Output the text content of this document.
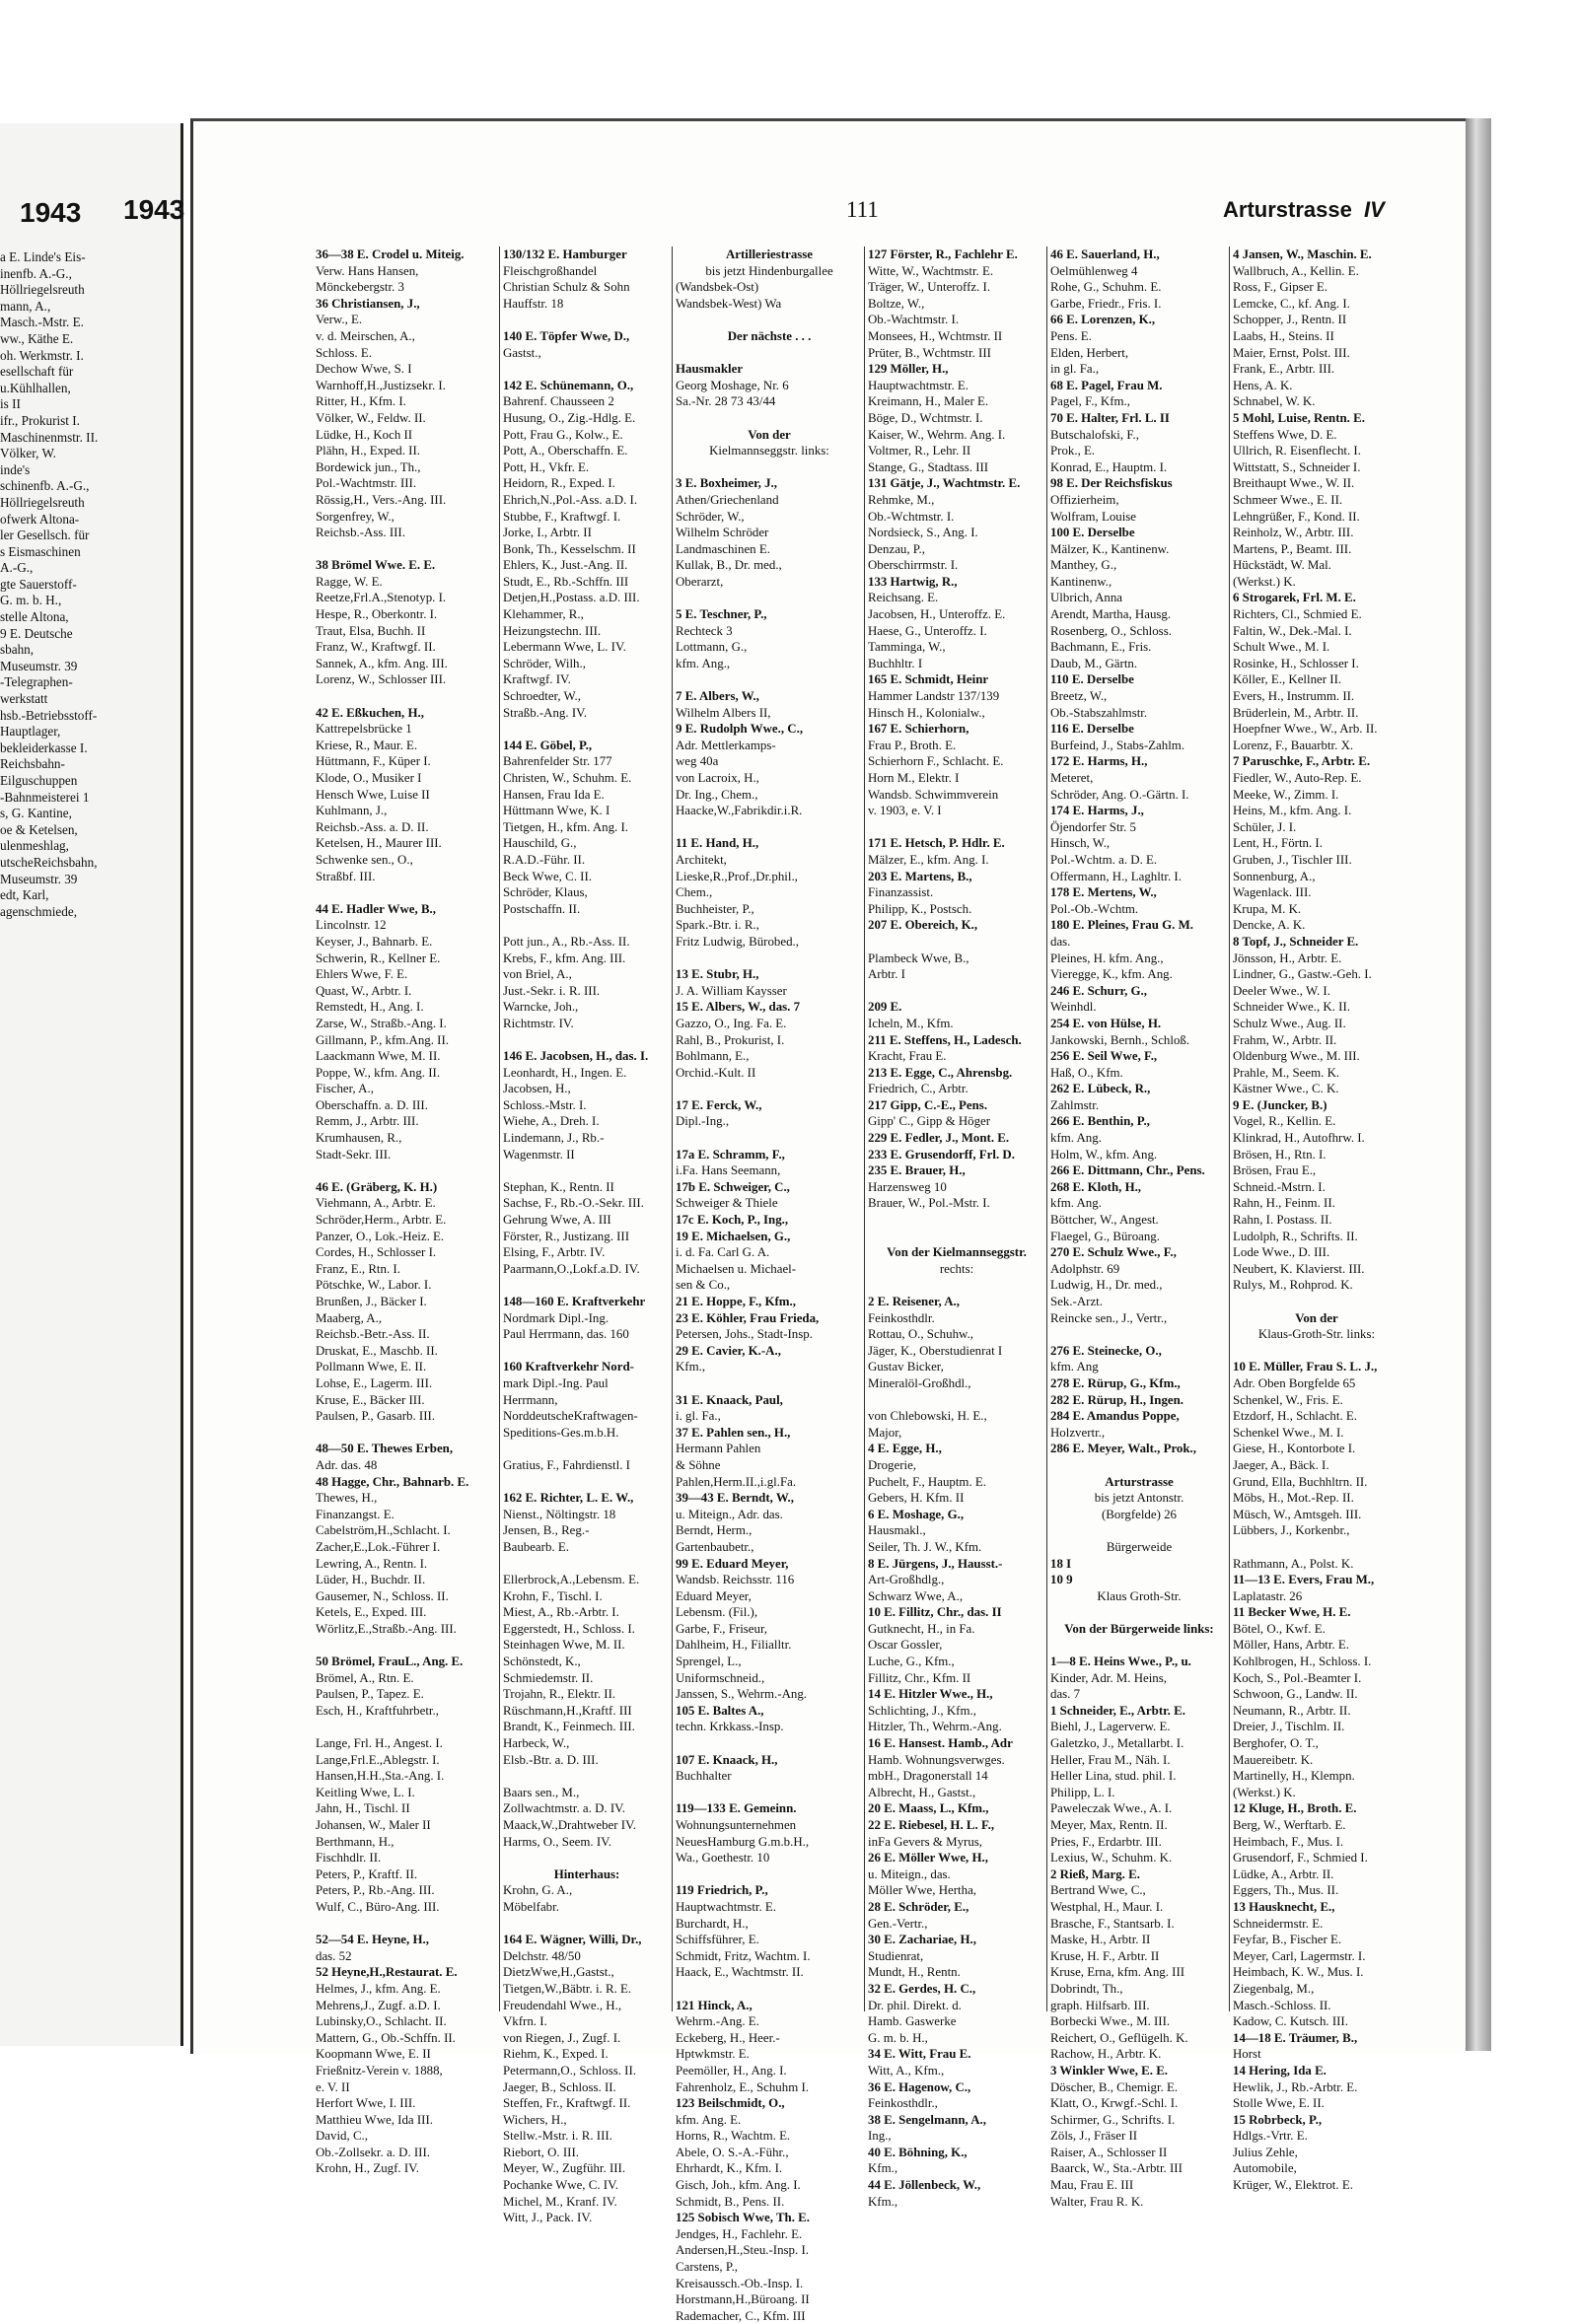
1943
a E. Linde's Eis-
inenfb. A.-G.,
Höllriegelsreuth
mann, A.,
Masch.-Mstr. E.
ww., Käthe E.
oh. Werkmstr. I.
esellschaft für
u.Kühlhallen,
is II
ifr., Prokurist I.
Maschinenmstr. II.
Völker, W.
inde's
schinenfb. A.-G.,
Höllriegelsreuth
ofwerk Altona-
ler Gesellsch. für
s Eismaschinen
A.-G.,
gte Sauerstoff-
G. m. b. H.,
stelle Altona,
9 E. Deutsche
sbahn,
Museumstr. 39
-Telegraphen-
werkstatt
hsb.-Betriebsstoff-
Hauptlager,
bekleiderkasse I.
Reichsbahn-
Eilguschuppen
-Bahnmeisterei 1
s, G. Kantine,
oe & Ketelsen,
ulenmeshlag,
utscheReichsbahn,
Museumstr. 39
edt, Karl,
agenschmiede,
1943	111	Arturstrasse IV
36—38 E. Crodel u. Miteig.
Verw. Hans Hansen,
Mönckebergstr. 3
36 Christiansen, J.,
Verw., E.
v. d. Meirschen, A.,
Schloss. E.
Dechow Wwe, S. I
Warnhoff,H.,Justizsekr. I.
Ritter, H., Kfm. I.
Völker, W., Feldw. II.
Lüdke, H., Koch II
Plähn, H., Exped. II.
Bordewick jun., Th.,
Pol.-Wachtmstr. III.
Rössig,H., Vers.-Ang. III.
Sorgenfrey, W.,
Reichsb.-Ass. III.
38 Brömel Wwe. E. E.
Ragge, W. E.
Reetze,Frl.A.,Stenotyp. I.
Hespe, R., Oberkontr. I.
Traut, Elsa, Buchh. II
Franz, W., Kraftwgf. II.
Sannek, A., kfm. Ang. III.
Lorenz, W., Schlosser III.
42 E. Eßkuchen, H.,
Kattrepelsbrücke 1
Kriese, R., Maur. E.
Hüttmann, F., Küper I.
Klode, O., Musiker I
Hensch Wwe, Luise II
Kuhlmann, J.,
Reichsb.-Ass. a. D. II.
Ketelsen, H., Maurer III.
Schwenke sen., O.,
Straßbf. III.
44 E. Hadler Wwe, B.,
Lincolnstr. 12
Keyser, J., Bahnarb. E.
Schwerin, R., Kellner E.
Ehlers Wwe, F. E.
Quast, W., Arbtr. I.
Remstedt, H., Ang. I.
Zarse, W., Straßb.-Ang. I.
Gillmann, P., kfm.Ang. II.
Laackmann Wwe, M. II.
Poppe, W., kfm. Ang. II.
Fischer, A.,
Oberschaffn. a. D. III.
Remm, J., Arbtr. III.
Krumhausen, R.,
Stadt-Sekr. III.
46 E. (Gräberg, K. H.)
Viehmann, A., Arbtr. E.
Schröder,Herm., Arbtr. E.
Panzer, O., Lok.-Heiz. E.
Cordes, H., Schlosser I.
Franz, E., Rtn. I.
Pötschke, W., Labor. I.
Brunßen, J., Bäcker I.
Maaberg, A.,
Reichsb.-Betr.-Ass. II.
Druskat, E., Maschb. II.
Pollmann Wwe, E. II.
Lohse, E., Lagerm. III.
Kruse, E., Bäcker III.
Paulsen, P., Gasarb. III.
48—50 E. Thewes Erben,
Adr. das. 48
48 Hagge, Chr., Bahnarb. E.
Thewes, H.,
Finanzangst. E.
Cabelström,H.,Schlacht. I.
Zacher,E.,Lok.-Führer I.
Lewring, A., Rentn. I.
Lüder, H., Buchdr. II.
Gausemer, N., Schloss. II.
Ketels, E., Exped. III.
Wörlitz,E.,Straßb.-Ang. III.
50 Brömel, FrauL., Ang. E.
Brömel, A., Rtn. E.
Paulsen, P., Tapez. E.
Esch, H., Kraftfuhrbetr.,
Lange, Frl. H., Angest. I.
Lange,Frl.E.,Ablegstr. I.
Hansen,H.H.,Sta.-Ang. I.
Keitling Wwe, L. I.
Jahn, H., Tischl. II
Johansen, W., Maler II
Berthmann, H.,
Fischhdlr. II.
Peters, P., Kraftf. II.
Peters, P., Rb.-Ang. III.
Wulf, C., Büro-Ang. III.
52—54 E. Heyne, H.,
das. 52
52 Heyne,H.,Restaurat. E.
Helmes, J., kfm. Ang. E.
Mehrens,J., Zugf. a.D. I.
Lubinsky,O., Schlacht. II.
Mattern, G., Ob.-Schffn. II.
Koopmann Wwe, E. II
Frießnitz-Verein v. 1888,
e. V. II
Herfort Wwe, I. III.
Matthieu Wwe, Ida III.
David, C.,
Ob.-Zollsekr. a. D. III.
Krohn, H., Zugf. IV.
130/132 E. Hamburger
Fleischgroßhandel
Christian Schulz & Sohn
Hauffstr. 18
140 E. Töpfer Wwe, D.,
Gastst.,
142 E. Schünemann, O.,
Bahrenf. Chausseen 2
Husung, O., Zig.-Hdlg. E.
Pott, Frau G., Kolw., E.
Pott, A., Oberschaffn. E.
Pott, H., Vkfr. E.
Heidorn, R., Exped. I.
Ehrich,N.,Pol.-Ass. a.D. I.
Stubbe, F., Kraftwgf. I.
Jorke, I., Arbtr. II
Bonk, Th., Kesselschm. II
Ehlers, K., Just.-Ang. II.
Studt, E., Rb.-Schffn. III
Detjen,H.,Postass. a.D. III.
Klehammer, R.,
Heizungstechn. III.
Lebermann Wwe, L. IV.
Schröder, Wilh.,
Kraftwgf. IV.
Schroedter, W.,
Straßb.-Ang. IV.
144 E. Göbel, P.,
Bahrenfelder Str. 177
Christen, W., Schuhm. E.
Hansen, Frau Ida E.
Hüttmann Wwe, K. I
Tietgen, H., kfm. Ang. I.
Hauschild, G.,
R.A.D.-Führ. II.
Beck Wwe, C. II.
Schröder, Klaus,
Postschaffn. II.
Pott jun., A., Rb.-Ass. II.
Krebs, F., kfm. Ang. III.
von Briel, A.,
Just.-Sekr. i. R. III.
Warncke, Joh.,
Richtmstr. IV.
146 E. Jacobsen, H., das. I.
Leonhardt, H., Ingen. E.
Jacobsen, H.,
Schloss.-Mstr. I.
Wiehe, A., Dreh. I.
Lindemann, J., Rb.-
Wagenmstr. II
Stephan, K., Rentn. II
Sachse, F., Rb.-O.-Sekr. III.
Gehrung Wwe, A. III
Förster, R., Justizang. III
Elsing, F., Arbtr. IV.
Paarmann,O.,Lokf.a.D. IV.
148—160 E. Kraftverkehr
Nordmark Dipl.-Ing.
Paul Herrmann, das. 160
160 Kraftverkehr Nord-
mark Dipl.-Ing. Paul
Herrmann,
NorddeutscheKraftwagen-
Speditions-Ges.m.b.H.
Gratius, F., Fahrdienstl. I
162 E. Richter, L. E. W.,
Nienst., Nöltingstr. 18
Jensen, B., Reg.-
Baubearb. E.
Ellerbrock,A.,Lebensm. E.
Krohn, F., Tischl. I.
Miest, A., Rb.-Arbtr. I.
Eggerstedt, H., Schloss. I.
Steinhagen Wwe, M. II.
Schönstedt, K.,
Schmiedemstr. II.
Trojahn, R., Elektr. II.
Rüschmann,H.,Kraftf. III
Brandt, K., Feinmech. III.
Harbeck, W.,
Elsb.-Btr. a. D. III.
Baars sen., M.,
Zollwachtmstr. a. D. IV.
Maack,W.,Drahtweber IV.
Harms, O., Seem. IV.
Hinterhaus:
Krohn, G. A.,
Möbelfabr.
164 E. Wägner, Willi, Dr.,
Delchstr. 48/50
DietzWwe,H.,Gastst.,
Tietgen,W.,Bäbtr. i. R. E.
Freudendahl Wwe., H.,
Vkfrn. I.
von Riegen, J., Zugf. I.
Riehm, K., Exped. I.
Petermann,O., Schloss. II.
Jaeger, B., Schloss. II.
Steffen, Fr., Kraftwgf. II.
Wichers, H.,
Stellw.-Mstr. i. R. III.
Riebort, O. III.
Meyer, W., Zugführ. III.
Pochanke Wwe, C. IV.
Michel, M., Kranf. IV.
Witt, J., Pack. IV.
Artilleriestrasse
bis jetzt Hindenburgallee
(Wandsbek-Ost)
Wandsbek-West) Wa
Der nächste . . .
Hausmakler
Georg Moshage, Nr. 6
Sa.-Nr. 28 73 43/44
Von der
Kielmannseggstr. links:
3 E. Boxheimer, J.,
Athen/Griechenland
Schröder, W.,
Wilhelm Schröder
Landmaschinen E.
Kullak, B., Dr. med.,
Oberarzt,
5 E. Teschner, P.,
Rechteck 3
Lottmann, G.,
kfm. Ang.,
7 E. Albers, W.,
Wilhelm Albers II,
9 E. Rudolph Wwe., C.,
Adr. Mettlerkamps-
weg 40a
von Lacroix, H.,
Dr. Ing., Chem.,
Haacke,W.,Fabrikdir.i.R.
11 E. Hand, H.,
Architekt,
Lieske,R.,Prof.,Dr.phil.,
Chem.,
Buchheister, P.,
Spark.-Btr. i. R.,
Fritz Ludwig, Bürobed.,
13 E. Stubr, H.,
J. A. William Kaysser
15 E. Albers, W., das. 7
Gazzo, O., Ing. Fa. E.
Rahl, B., Prokurist, I.
Bohlmann, E.,
Orchid.-Kult. II
17 E. Ferck, W.,
Dipl.-Ing.,
17a E. Schramm, F.,
i.Fa. Hans Seemann,
17b E. Schweiger, C.,
Schweiger & Thiele
17c E. Koch, P., Ing.,
19 E. Michaelsen, G.,
i. d. Fa. Carl G. A.
Michaelsen u. Michael-
sen & Co.,
21 E. Hoppe, F., Kfm.,
23 E. Köhler, Frau Frieda,
Petersen, Johs., Stadt-Insp.
29 E. Cavier, K.-A.,
Kfm.,
31 E. Knaack, Paul,
i. gl. Fa.,
37 E. Pahlen sen., H.,
Hermann Pahlen
& Söhne
Pahlen,Herm.II.,i.gl.Fa.
39—43 E. Berndt, W.,
u. Miteign., Adr. das.
Berndt, Herm.,
Gartenbaubetr.,
99 E. Eduard Meyer,
Wandsb. Reichsstr. 116
Eduard Meyer,
Lebensm. (Fil.),
Garbe, F., Friseur,
Dahlheim, H., Filialltr.
Sprengel, L.,
Uniformschneid.,
Janssen, S., Wehrm.-Ang.
105 E. Baltes A.,
techn. Krkkass.-Insp.
107 E. Knaack, H.,
Buchhalter
119—133 E. Gemeinn.
Wohnungsunternehmen
NeuesHamburg G.m.b.H.,
Wa., Goethestr. 10
119 Friedrich, P.,
Hauptwachtmstr. E.
Burchardt, H.,
Schiffsführer, E.
Schmidt, Fritz, Wachtm. I.
Haack, E., Wachtmstr. II.
121 Hinck, A.,
Wehrm.-Ang. E.
Eckeberg, H., Heer.-
Hptwkmstr. E.
Peemöller, H., Ang. I.
Fahrenholz, E., Schuhm I.
123 Beilschmidt, O.,
kfm. Ang. E.
Horns, R., Wachtm. E.
Abele, O. S.-A.-Führ.,
Ehrhardt, K., Kfm. I.
Gisch, Joh., kfm. Ang. I.
Schmidt, B., Pens. II.
125 Sobisch Wwe, Th. E.
Jendges, H., Fachlehr. E.
Andersen,H.,Steu.-Insp. I.
Carstens, P.,
Kreisaussch.-Ob.-Insp. I.
Horstmann,H.,Büroang. II
Rademacher, C., Kfm. III
127 Förster, R., Fachlehr E.
Witte, W., Wachtmstr. E.
Träger, W., Unteroffz. I.
Boltze, W.,
Ob.-Wachtmstr. I.
Monsees, H., Wchtmstr. II
Prüter, B., Wchtmstr. III
129 Möller, H.,
Hauptwachtmstr. E.
Kreimann, H., Maler E.
Böge, D., Wchtmstr. I.
Kaiser, W., Wehrm. Ang. I.
Voltmer, R., Lehr. II
Stange, G., Stadtass. III
131 Gätje, J., Wachtmstr. E.
Rehmke, M.,
Ob.-Wchtmstr. I.
Nordsieck, S., Ang. I.
Denzau, P.,
Oberschirrmstr. I.
133 Hartwig, R.,
Reichsang. E.
Jacobsen, H., Unteroffz. E.
Haese, G., Unteroffz. I.
Tamminga, W.,
Buchhltr. I
165 E. Schmidt, Heinr
Hammer Landstr 137/139
Hinsch H., Kolonialw.,
167 E. Schierhorn,
Frau P., Broth. E.
Schierhorn F., Schlacht. E.
Horn M., Elektr. I
Wandsb. Schwimmverein
v. 1903, e. V. I
171 E. Hetsch, P. Hdlr. E.
Mälzer, E., kfm. Ang. I.
203 E. Martens, B.,
Finanzassist.
Philipp, K., Postsch.
207 E. Obereich, K.,
Plambeck Wwe, B.,
Arbtr. I
209 E.
Icheln, M., Kfm.
211 E. Steffens, H., Ladesch.
Kracht, Frau E.
213 E. Egge, C., Ahrensbg.
Friedrich, C., Arbtr.
217 Gipp, C.-E., Pens.
Gipp' C., Gipp & Höger
229 E. Fedler, J., Mont. E.
233 E. Grusendorff, Frl. D.
235 E. Brauer, H.,
Harzensweg 10
Brauer, W., Pol.-Mstr. I.
Von der Kielmannseggstr.
rechts:
2 E. Reisener, A.,
Feinkosthdlr.
Rottau, O., Schuhw.,
Jäger, K., Oberstudienrat I
Gustav Bicker,
Mineralöl-Großhdl.,
von Chlebowski, H. E.,
Major,
4 E. Egge, H.,
Drogerie,
Puchelt, F., Hauptm. E.
Gebers, H. Kfm. II
6 E. Moshage, G.,
Hausmakl.,
Seiler, Th. J. W., Kfm.
8 E. Jürgens, J., Hausst.-
Art-Großhdlg.,
Schwarz Wwe, A.,
10 E. Fillitz, Chr., das. II
Gutknecht, H., in Fa.
Oscar Gossler,
Luche, G., Kfm.,
Fillitz, Chr., Kfm. II
14 E. Hitzler Wwe., H.,
Schlichting, J., Kfm.,
Hitzler, Th., Wehrm.-Ang.
16 E. Hansest. Hamb., Adr
Hamb. Wohnungsverwges.
mbH., Dragonerstall 14
Albrecht, H., Gastst.,
20 E. Maass, L., Kfm.,
22 E. Riebesel, H. L. F.,
inFa Gevers & Myrus,
26 E. Möller Wwe, H.,
u. Miteign., das.
Möller Wwe, Hertha,
28 E. Schröder, E.,
Gen.-Vertr.,
30 E. Zachariae, H.,
Studienrat,
Mundt, H., Rentn.
32 E. Gerdes, H. C.,
Dr. phil. Direkt. d.
Hamb. Gaswerke
G. m. b. H.,
34 E. Witt, Frau E.
Witt, A., Kfm.,
36 E. Hagenow, C.,
Feinkosthdlr.,
38 E. Sengelmann, A.,
Ing.,
40 E. Böhning, K.,
Kfm.,
44 E. Jöllenbeck, W.,
Kfm.,
46 E. Sauerland, H.,
Oelmühlenweg 4
Rohe, G., Schuhm. E.
Garbe, Friedr., Fris. I.
66 E. Lorenzen, K.,
Pens. E.
Elden, Herbert,
in gl. Fa.,
68 E. Pagel, Frau M.
Pagel, F., Kfm.,
70 E. Halter, Frl. L. II
Butschalofski, F.,
Prok., E.
Konrad, E., Hauptm. I.
98 E. Der Reichsfiskus
Offizierheim,
Wolfram, Louise
100 E. Derselbe
Mälzer, K., Kantinenw.
Manthey, G.,
Kantinenw.,
Ulbrich, Anna
Arendt, Martha, Hausg.
Rosenberg, O., Schloss.
Bachmann, E., Fris.
Daub, M., Gärtn.
110 E. Derselbe
Breetz, W.,
Ob.-Stabszahlmstr.
116 E. Derselbe
Burfeind, J., Stabs-Zahlm.
172 E. Harms, H.,
Meteret,
Schröder, Ang. O.-Gärtn. I.
174 E. Harms, J.,
Öjendorfer Str. 5
Hinsch, W.,
Pol.-Wchtm. a. D. E.
Offermann, H., Laghltr. I.
178 E. Mertens, W.,
Pol.-Ob.-Wchtm.
180 E. Pleines, Frau G. M.
das.
Pleines, H. kfm. Ang.,
Vieregge, K., kfm. Ang.
246 E. Schurr, G.,
Weinhdl.
254 E. von Hülse, H.
Jankowski, Bernh., Schloß.
256 E. Seil Wwe, F.,
Haß, O., Kfm.
262 E. Lübeck, R.,
Zahlmstr.
266 E. Benthin, P.,
kfm. Ang.
Holm, W., kfm. Ang.
266 E. Dittmann, Chr., Pens.
268 E. Kloth, H.,
kfm. Ang.
Böttcher, W., Angest.
Flaegel, G., Büroang.
270 E. Schulz Wwe., F.,
Adolphstr. 69
Ludwig, H., Dr. med.,
Sek.-Arzt.
Reincke sen., J., Vertr.,
276 E. Steinecke, O.,
kfm. Ang
278 E. Rürup, G., Kfm.,
282 E. Rürup, H., Ingen.
284 E. Amandus Poppe,
Holzvertr.,
286 E. Meyer, Walt., Prok.,
Arturstrasse
bis jetzt Antonstr.
(Borgfelde) 26
Bürgerweide
18 I
10 9
Klaus Groth-Str.
Von der Bürgerweide links:
1—8 E. Heins Wwe., P., u.
Kinder, Adr. M. Heins,
das. 7
1 Schneider, E., Arbtr. E.
Biehl, J., Lagerverw. E.
Galetzko, J., Metallarbt. I.
Heller, Frau M., Näh. I.
Heller Lina, stud. phil. I.
Philipp, L. I.
Paweleczak Wwe., A. I.
Meyer, Max, Rentn. II.
Pries, F., Erdarbtr. III.
Lexius, W., Schuhm. K.
2 Rieß, Marg. E.
Bertrand Wwe, C.,
Westphal, H., Maur. I.
Brasche, F., Stantsarb. I.
Maske, H., Arbtr. II
Kruse, H. F., Arbtr. II
Kruse, Erna, kfm. Ang. III
Dobrindt, Th.,
graph. Hilfsarb. III.
Borbecki Wwe., M. III.
Reichert, O., Geflügelh. K.
Rachow, H., Arbtr. K.
3 Winkler Wwe, E. E.
Döscher, B., Chemigr. E.
Klatt, O., Krwgf.-Schl. I.
Schirmer, G., Schrifts. I.
Zöls, J., Fräser II
Raiser, A., Schlosser II
Baarck, W., Sta.-Arbtr. III
Mau, Frau E. III
Walter, Frau R. K.
4 Jansen, W., Maschin. E.
Wallbruch, A., Kellin. E.
Ross, F., Gipser E.
Lemcke, C., kf. Ang. I.
Schopper, J., Rentn. II
Laabs, H., Steins. II
Maier, Ernst, Polst. III.
Frank, E., Arbtr. III.
Hens, A. K.
Schnabel, W. K.
5 Mohl, Luise, Rentn. E.
Steffens Wwe, D. E.
Ullrich, R. Eisenflecht. I.
Wittstatt, S., Schneider I.
Breithaupt Wwe., W. II.
Schmeer Wwe., E. II.
Lehngrüßer, F., Kond. II.
Reinholz, W., Arbtr. III.
Martens, P., Beamt. III.
Hückstädt, W. Mal.
(Werkst.) K.
6 Strogarek, Frl. M. E.
Richters, Cl., Schmied E.
Faltin, W., Dek.-Mal. I.
Schult Wwe., M. I.
Rosinke, H., Schlosser I.
Köller, E., Kellner II.
Evers, H., Instrumm. II.
Brüderlein, M., Arbtr. II.
Hoepfner Wwe., W., Arb. II.
Lorenz, F., Bauarbtr. X.
7 Paruschke, F., Arbtr. E.
Fiedler, W., Auto-Rep. E.
Meeke, W., Zimm. I.
Heins, M., kfm. Ang. I.
Schüler, J. I.
Lent, H., Förtn. I.
Gruben, J., Tischler III.
Sonnenburg, A.,
Wagenlack. III.
Krupa, M. K.
Dencke, A. K.
8 Topf, J., Schneider E.
Jönsson, H., Arbtr. E.
Lindner, G., Gastw.-Geh. I.
Deeler Wwe., W. I.
Schneider Wwe., K. II.
Schulz Wwe., Aug. II.
Frahm, W., Arbtr. II.
Oldenburg Wwe., M. III.
Prahle, M., Seem. K.
Kästner Wwe., C. K.
9 E. (Juncker, B.)
Vogel, R., Kellin. E.
Klinkrad, H., Autofhrw. I.
Brösen, H., Rtn. I.
Brösen, Frau E.,
Schneid.-Mstrn. I.
Rahn, H., Feinm. II.
Rahn, I. Postass. II.
Ludolph, R., Schrifts. II.
Lode Wwe., D. III.
Neubert, K. Klavierst. III.
Rulys, M., Rohprod. K.
Von der
Klaus-Groth-Str. links:
10 E. Müller, Frau S. L. J.,
Adr. Oben Borgfelde 65
Schenkel, W., Fris. E.
Etzdorf, H., Schlacht. E.
Schenkel Wwe., M. I.
Giese, H., Kontorbote I.
Jaeger, A., Bäck. I.
Grund, Ella, Buchhltrn. II.
Möbs, H., Mot.-Rep. II.
Müsch, W., Amtsgeh. III.
Lübbers, J., Korkenbr.,
Rathmann, A., Polst. K.
11—13 E. Evers, Frau M.,
Laplatastr. 26
11 Becker Wwe, H. E.
Bötel, O., Kwf. E.
Möller, Hans, Arbtr. E.
Kohlbrogen, H., Schloss. I.
Koch, S., Pol.-Beamter I.
Schwoon, G., Landw. II.
Neumann, R., Arbtr. II.
Dreier, J., Tischlm. II.
Berghofer, O. T.,
Mauereibetr. K.
Martinelly, H., Klempn.
(Werkst.) K.
12 Kluge, H., Broth. E.
Berg, W., Werftarb. E.
Heimbach, F., Mus. I.
Grusendorf, F., Schmied I.
Lüdke, A., Arbtr. II.
Eggers, Th., Mus. II.
13 Hausknecht, E.,
Schneidermstr. E.
Feyfar, B., Fischer E.
Meyer, Carl, Lagermstr. I.
Heimbach, K. W., Mus. I.
Ziegenbalg, M.,
Masch.-Schloss. II.
Kadow, C. Kutsch. III.
14—18 E. Träumer, B.,
Horst
14 Hering, Ida E.
Hewlik, J., Rb.-Arbtr. E.
Stolle Wwe, E. II.
15 Robrbeck, P.,
Hdlgs.-Vrtr. E.
Julius Zehle,
Automobile,
Krüger, W., Elektrot. E.
